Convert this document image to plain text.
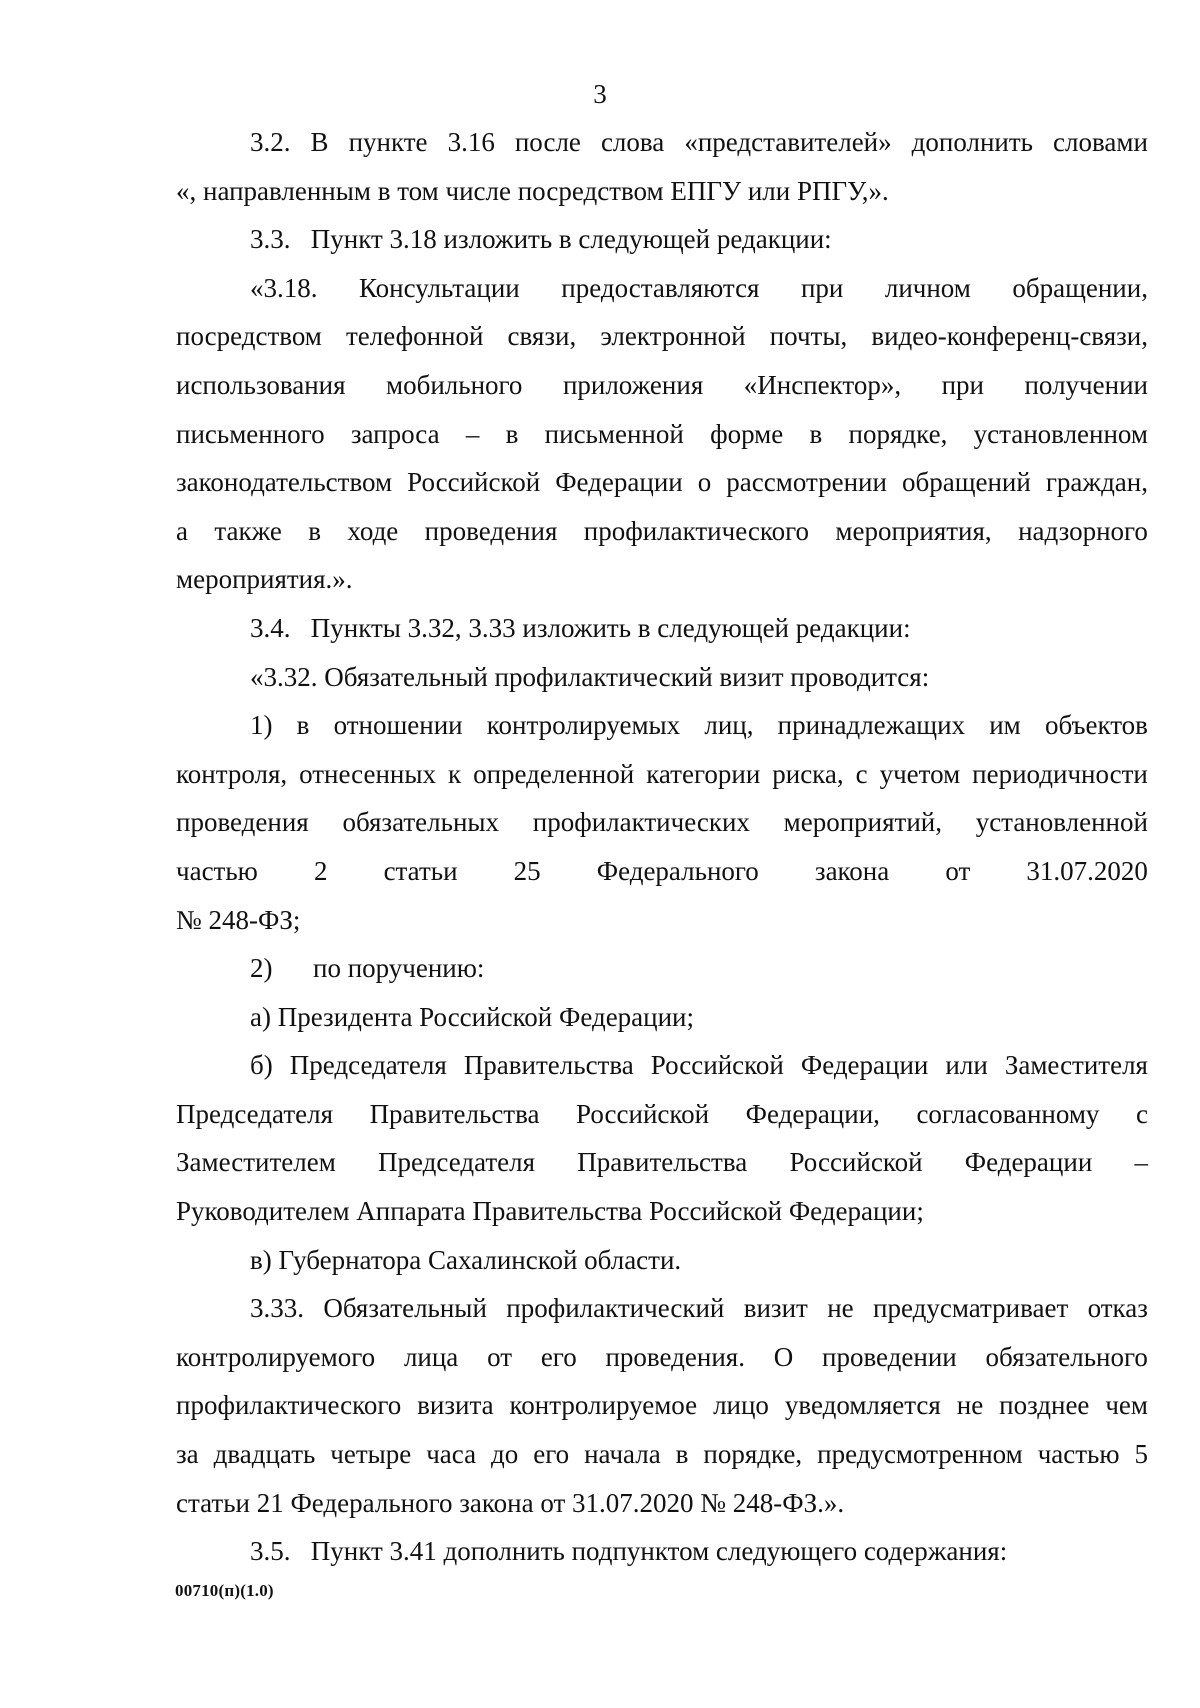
3
3.2. В пункте 3.16 после слова «представителей» дополнить словами
«, направленным в том числе посредством ЕПГУ или РПГУ,».
3.3.   Пункт 3.18 изложить в следующей редакции:
«3.18. Консультации предоставляются при личном обращении,
посредством телефонной связи, электронной почты, видео-конференц-связи,
использования мобильного приложения «Инспектор», при получении
письменного запроса – в письменной форме в порядке, установленном
законодательством Российской Федерации о рассмотрении обращений граждан,
а также в ходе проведения профилактического мероприятия, надзорного
мероприятия.».
3.4.   Пункты 3.32, 3.33 изложить в следующей редакции:
«3.32. Обязательный профилактический визит проводится:
1) в отношении контролируемых лиц, принадлежащих им объектов
контроля, отнесенных к определенной категории риска, с учетом периодичности
проведения обязательных профилактических мероприятий, установленной
частью 2 статьи 25 Федерального закона от 31.07.2020
№ 248-ФЗ;
2)      по поручению:
а) Президента Российской Федерации;
б) Председателя Правительства Российской Федерации или Заместителя
Председателя Правительства Российской Федерации, согласованному с
Заместителем Председателя Правительства Российской Федерации –
Руководителем Аппарата Правительства Российской Федерации;
в) Губернатора Сахалинской области.
3.33. Обязательный профилактический визит не предусматривает отказ
контролируемого лица от его проведения. О проведении обязательного
профилактического визита контролируемое лицо уведомляется не позднее чем
за двадцать четыре часа до его начала в порядке, предусмотренном частью 5
статьи 21 Федерального закона от 31.07.2020 № 248-ФЗ.».
3.5.   Пункт 3.41 дополнить подпунктом следующего содержания:
00710(п)(1.0)
